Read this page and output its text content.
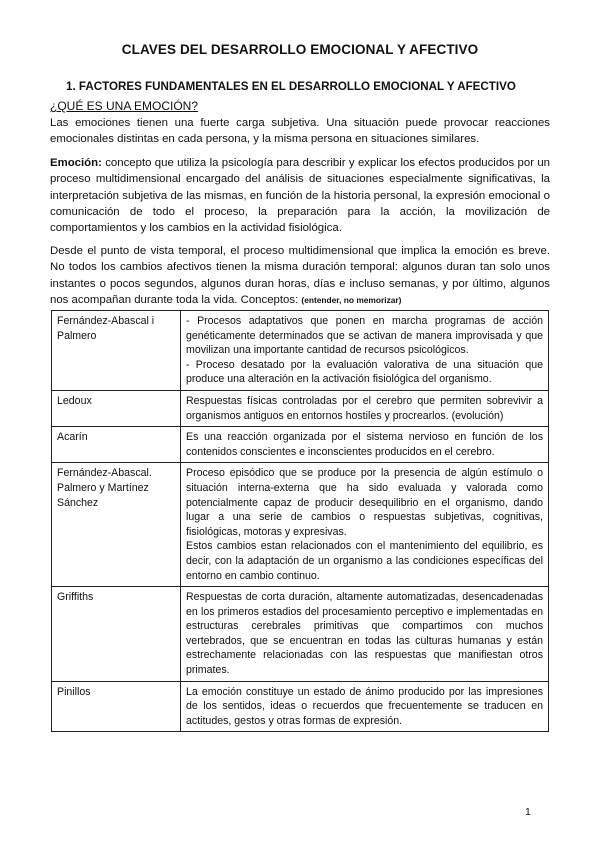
CLAVES DEL DESARROLLO EMOCIONAL Y AFECTIVO
1. FACTORES FUNDAMENTALES EN EL DESARROLLO EMOCIONAL Y AFECTIVO
¿QUÉ ES UNA EMOCIÓN?
Las emociones tienen una fuerte carga subjetiva. Una situación puede provocar reacciones emocionales distintas en cada persona, y la misma persona en situaciones similares.
Emoción: concepto que utiliza la psicología para describir y explicar los efectos producidos por un proceso multidimensional encargado del análisis de situaciones especialmente significativas, la interpretación subjetiva de las mismas, en función de la historia personal, la expresión emocional o comunicación de todo el proceso, la preparación para la acción, la movilización de comportamientos y los cambios en la actividad fisiológica.
Desde el punto de vista temporal, el proceso multidimensional que implica la emoción es breve. No todos los cambios afectivos tienen la misma duración temporal: algunos duran tan solo unos instantes o pocos segundos, algunos duran horas, días e incluso semanas, y por último, algunos nos acompañan durante toda la vida. Conceptos: (entender, no memorizar)
Fernández-Abascal i Palmero	- Procesos adaptativos que ponen en marcha programas de acción genéticamente determinados que se activan de manera improvisada y que movilizan una importante cantidad de recursos psicológicos.
- Proceso desatado por la evaluación valorativa de una situación que produce una alteración en la activación fisiológica del organismo.

Ledoux	Respuestas físicas controladas por el cerebro que permiten sobrevivir a organismos antiguos en entornos hostiles y procrearlos. (evolución)
Acarín	Es una reacción organizada por el sistema nervioso en función de los contenidos conscientes e inconscientes producidos en el cerebro.
Fernández-Abascal. Palmero y Martínez Sánchez	Proceso episódico que se produce por la presencia de algún estímulo o situación interna-externa que ha sido evaluada y valorada como potencialmente capaz de producir desequilibrio en el organismo, dando lugar a una serie de cambios o respuestas subjetivas, cognitivas, fisiológicas, motoras y expresivas.
Estos cambios estan relacionados con el mantenimiento del equilibrio, es decir, con la adaptación de un organismo a las condiciones específicas del entorno en cambio continuo.

Griffiths	Respuestas de corta duración, altamente automatizadas, desencadenadas en los primeros estadios del procesamiento perceptivo e implementadas en estructuras cerebrales primitivas que compartimos con muchos vertebrados, que se encuentran en todas las culturas humanas y están estrechamente relacionadas con las respuestas que manifiestan otros primates.
Pinillos	La emoción constituye un estado de ánimo producido por las impresiones de los sentidos, ideas o recuerdos que frecuentemente se traducen en actitudes, gestos y otras formas de expresión.
1
